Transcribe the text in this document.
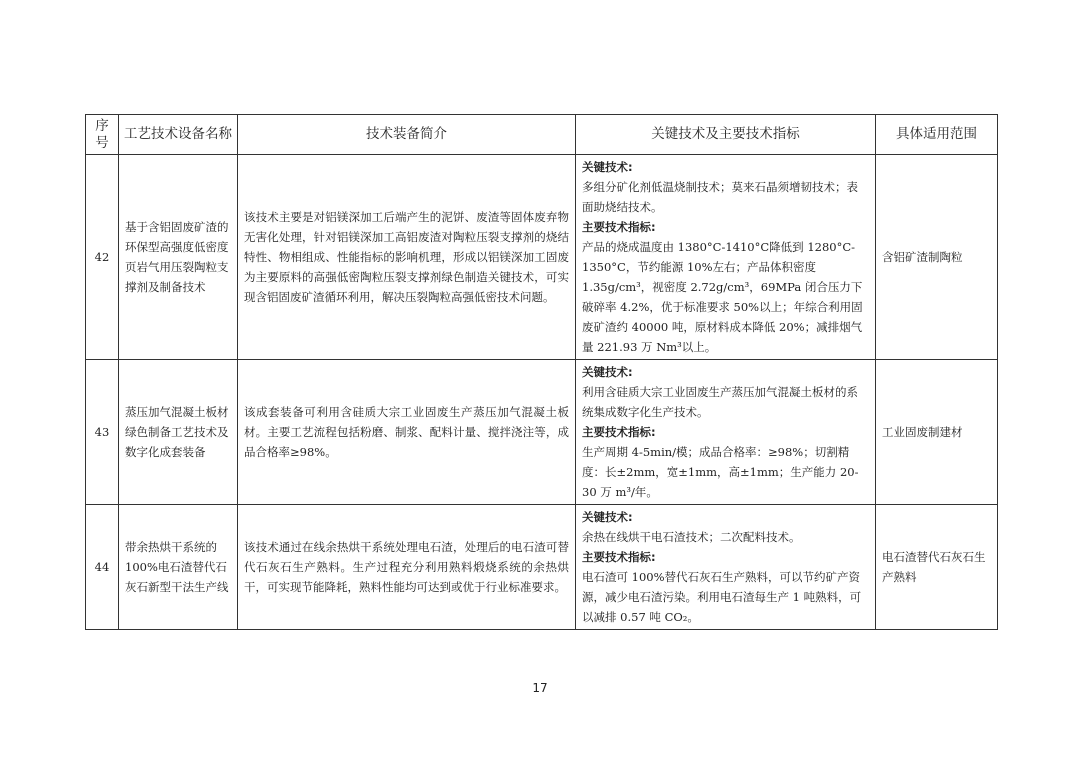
序号	工艺技术设备名称	技术装备简介	关键技术及主要技术指标	具体适用范围
42	基于含铝固废矿渣的环保型高强度低密度页岩气用压裂陶粒支撑剂及制备技术	该技术主要是对铝镁深加工后端产生的泥饼、废渣等固体废弃物无害化处理，针对铝镁深加工高铝废渣对陶粒压裂支撑剂的烧结特性、物相组成、性能指标的影响机理，形成以铝镁深加工固废为主要原料的高强低密陶粒压裂支撑剂绿色制造关键技术，可实现含铝固废矿渣循环利用，解决压裂陶粒高强低密技术问题。	关键技术:
多组分矿化剂低温烧制技术；莫来石晶须增韧技术；表面助烧结技术。
主要技术指标:
产品的烧成温度由 1380°C-1410°C降低到 1280°C-1350°C，节约能源 10%左右；产品体积密度 1.35g/cm³，视密度 2.72g/cm³，69MPa 闭合压力下破碎率 4.2%，优于标准要求 50%以上；年综合利用固废矿渣约 40000 吨，原材料成本降低 20%；减排烟气量 221.93 万 Nm³以上。	含铝矿渣制陶粒
43	蒸压加气混凝土板材绿色制备工艺技术及数字化成套装备	该成套装备可利用含硅质大宗工业固废生产蒸压加气混凝土板材。主要工艺流程包括粉磨、制浆、配料计量、搅拌浇注等，成品合格率≥98%。	关键技术:
利用含硅质大宗工业固废生产蒸压加气混凝土板材的系统集成数字化生产技术。
主要技术指标:
生产周期 4-5min/模；成品合格率：≥98%；切割精度：长±2mm，宽±1mm，高±1mm；生产能力 20-30 万 m³/年。	工业固废制建材
44	带余热烘干系统的 100%电石渣替代石灰石新型干法生产线	该技术通过在线余热烘干系统处理电石渣，处理后的电石渣可替代石灰石生产熟料。生产过程充分利用熟料煅烧系统的余热烘干，可实现节能降耗，熟料性能均可达到或优于行业标准要求。	关键技术:
余热在线烘干电石渣技术；二次配料技术。
主要技术指标:
电石渣可 100%替代石灰石生产熟料，可以节约矿产资源，减少电石渣污染。利用电石渣每生产 1 吨熟料，可以减排 0.57 吨 CO₂。	电石渣替代石灰石生产熟料
17
